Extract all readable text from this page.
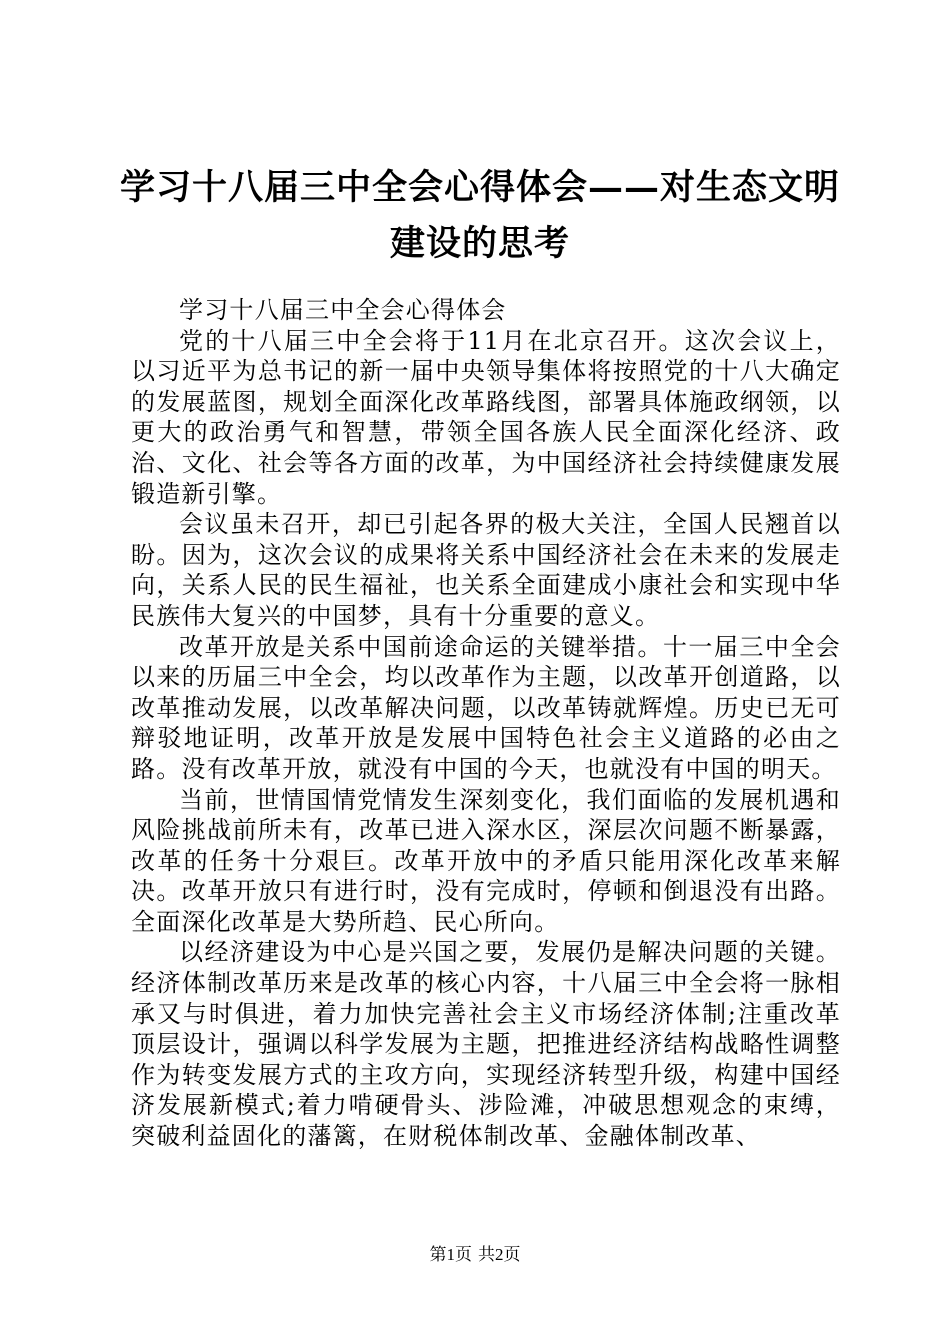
学习十八届三中全会心得体会——对生态文明建设的思考

学习十八届三中全会心得体会

党的十八届三中全会将于11月在北京召开。这次会议上，以习近平为总书记的新一届中央领导集体将按照党的十八大确定的发展蓝图，规划全面深化改革路线图，部署具体施政纲领，以更大的政治勇气和智慧，带领全国各族人民全面深化经济、政治、文化、社会等各方面的改革，为中国经济社会持续健康发展锻造新引擎。

会议虽未召开，却已引起各界的极大关注，全国人民翘首以盼。因为，这次会议的成果将关系中国经济社会在未来的发展走向，关系人民的民生福祉，也关系全面建成小康社会和实现中华民族伟大复兴的中国梦，具有十分重要的意义。

改革开放是关系中国前途命运的关键举措。十一届三中全会以来的历届三中全会，均以改革作为主题，以改革开创道路，以改革推动发展，以改革解决问题，以改革铸就辉煌。历史已无可辩驳地证明，改革开放是发展中国特色社会主义道路的必由之路。没有改革开放，就没有中国的今天，也就没有中国的明天。

当前，世情国情党情发生深刻变化，我们面临的发展机遇和风险挑战前所未有，改革已进入深水区，深层次问题不断暴露，改革的任务十分艰巨。改革开放中的矛盾只能用深化改革来解决。改革开放只有进行时，没有完成时，停顿和倒退没有出路。全面深化改革是大势所趋、民心所向。

以经济建设为中心是兴国之要，发展仍是解决问题的关键。经济体制改革历来是改革的核心内容，十八届三中全会将一脉相承又与时俱进，着力加快完善社会主义市场经济体制;注重改革顶层设计，强调以科学发展为主题，把推进经济结构战略性调整作为转变发展方式的主攻方向，实现经济转型升级，构建中国经济发展新模式;着力啃硬骨头、涉险滩，冲破思想观念的束缚，突破利益固化的藩篱，在财税体制改革、金融体制改革、

第1页 共2页
